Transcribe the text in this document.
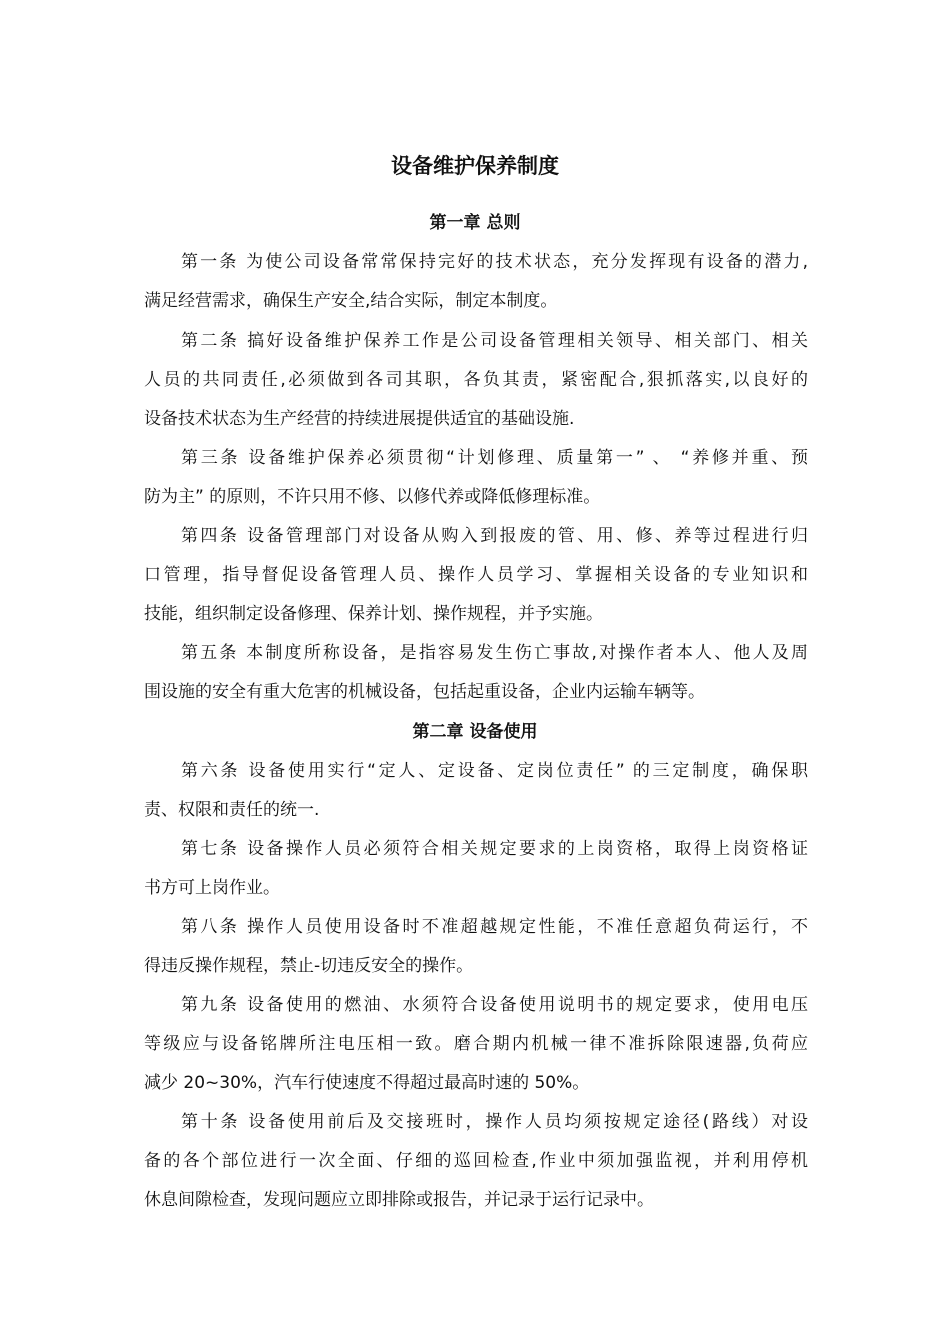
设备维护保养制度
第一章 总则

第一条 为使公司设备常常保持完好的技术状态，充分发挥现有设备的潜力,

满足经营需求，确保生产安全,结合实际，制定本制度。

第二条 搞好设备维护保养工作是公司设备管理相关领导、相关部门、相关

人员的共同责任,必须做到各司其职，各负其责，紧密配合,狠抓落实,以良好的

设备技术状态为生产经营的持续进展提供适宜的基础设施.

第三条 设备维护保养必须贯彻“计划修理、质量第一” 、 “养修并重、预

防为主” 的原则，不许只用不修、以修代养或降低修理标准。

第四条 设备管理部门对设备从购入到报废的管、用、修、养等过程进行归

口管理，指导督促设备管理人员、操作人员学习、掌握相关设备的专业知识和

技能，组织制定设备修理、保养计划、操作规程，并予实施。

第五条 本制度所称设备，是指容易发生伤亡事故,对操作者本人、他人及周

围设施的安全有重大危害的机械设备，包括起重设备，企业内运输车辆等。

第二章 设备使用

第六条 设备使用实行“定人、定设备、定岗位责任” 的三定制度，确保职

责、权限和责任的统一.

第七条 设备操作人员必须符合相关规定要求的上岗资格，取得上岗资格证

书方可上岗作业。

第八条 操作人员使用设备时不准超越规定性能，不准任意超负荷运行，不

得违反操作规程，禁止-切违反安全的操作。

第九条 设备使用的燃油、水须符合设备使用说明书的规定要求，使用电压

等级应与设备铭牌所注电压相一致。磨合期内机械一律不准拆除限速器,负荷应

减少 20~30%，汽车行使速度不得超过最高时速的 50%。

第十条 设备使用前后及交接班时，操作人员均须按规定途径(路线）对设

备的各个部位进行一次全面、仔细的巡回检查,作业中须加强监视，并利用停机

休息间隙检查，发现问题应立即排除或报告，并记录于运行记录中。
